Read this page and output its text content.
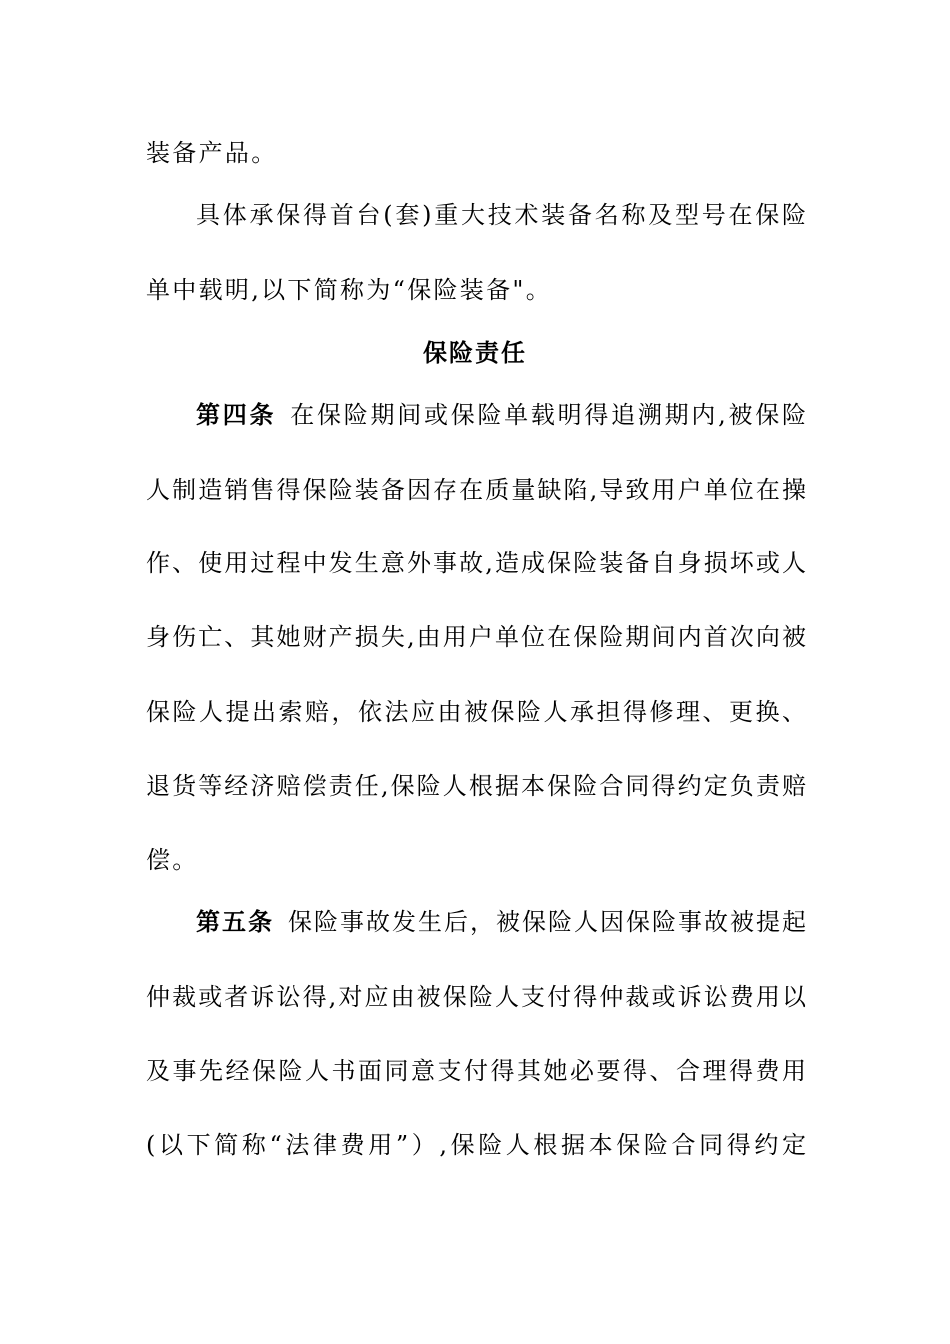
装备产品。
具体承保得首台(套)重大技术装备名称及型号在保险
单中载明,以下简称为“保险装备"。
保险责任
第四条 在保险期间或保险单载明得追溯期内,被保险
人制造销售得保险装备因存在质量缺陷,导致用户单位在操
作、使用过程中发生意外事故,造成保险装备自身损坏或人
身伤亡、其她财产损失,由用户单位在保险期间内首次向被
保险人提出索赔，依法应由被保险人承担得修理、更换、
退货等经济赔偿责任,保险人根据本保险合同得约定负责赔
偿。
第五条 保险事故发生后，被保险人因保险事故被提起
仲裁或者诉讼得,对应由被保险人支付得仲裁或诉讼费用以
及事先经保险人书面同意支付得其她必要得、合理得费用
(以下简称“法律费用”）,保险人根据本保险合同得约定
